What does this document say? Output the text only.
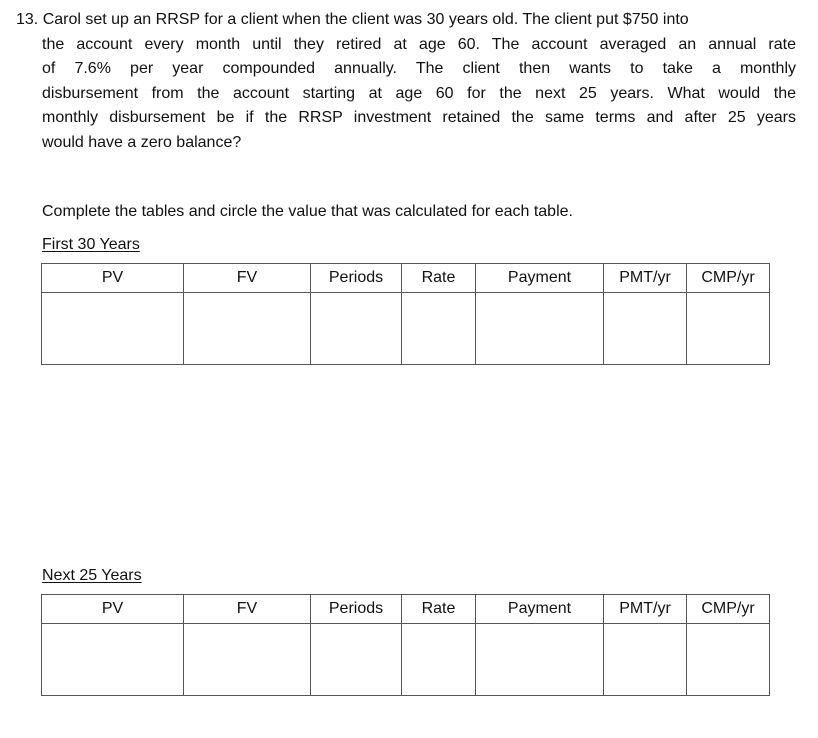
13. Carol set up an RRSP for a client when the client was 30 years old. The client put $750 into
the account every month until they retired at age 60. The account averaged an annual rate
of 7.6% per year compounded annually. The client then wants to take a monthly
disbursement from the account starting at age 60 for the next 25 years. What would the
monthly disbursement be if the RRSP investment retained the same terms and after 25 years
would have a zero balance?
Complete the tables and circle the value that was calculated for each table.
First 30 Years
PV	FV	Periods	Rate	Payment	PMT/yr	CMP/yr

Next 25 Years
PV	FV	Periods	Rate	Payment	PMT/yr	CMP/yr
